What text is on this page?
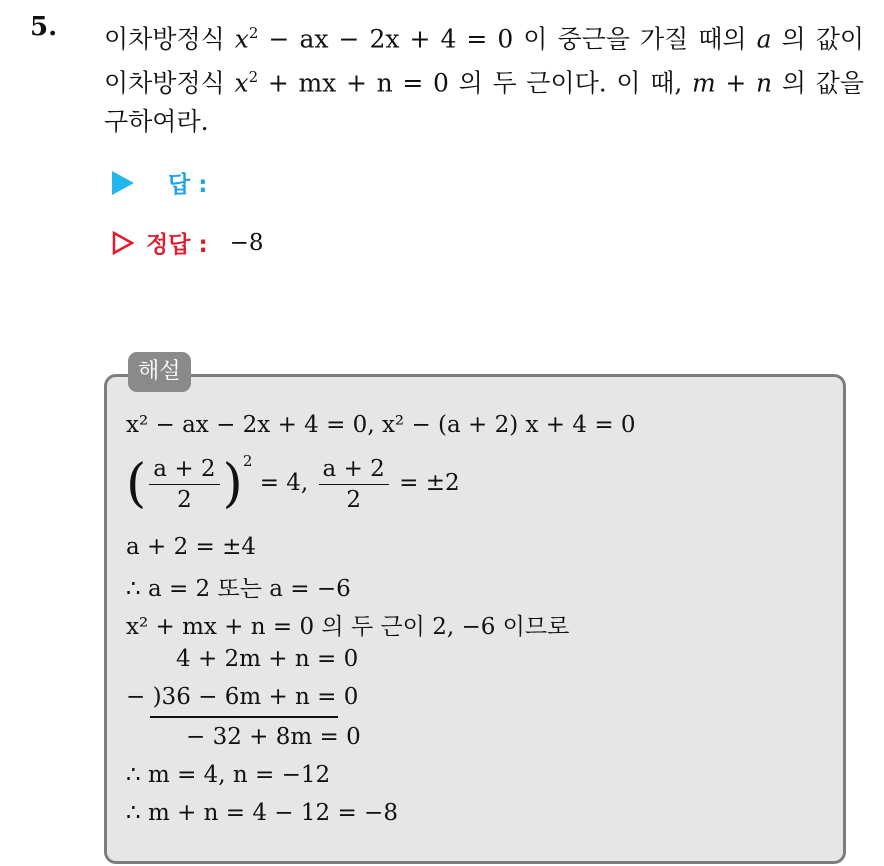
5. 이차방정식 $x^2$ − ax − 2x + 4 = 0 이 중근을 가질 때의 a 의 값이
이차방정식 $x^2$ + mx + n = 0 의 두 근이다. 이 때, m + n 의 값을
구하여라.
답 :
정답 : −8
해설
x² − ax − 2x + 4 = 0, x² − (a + 2) x + 4 = 0
( $\frac{a + 2}{2} )^2 = 4$, $\frac{a + 2}{2} = \pm 2$
a + 2 = ±4
∴ a = 2 또는 a = −6
x² + mx + n = 0 의 두 근이 2, −6 이므로
4 + 2m + n = 0
− )36 − 6m + n = 0
− 32 + 8m = 0
∴ m = 4, n = −12
∴ m + n = 4 − 12 = −8
